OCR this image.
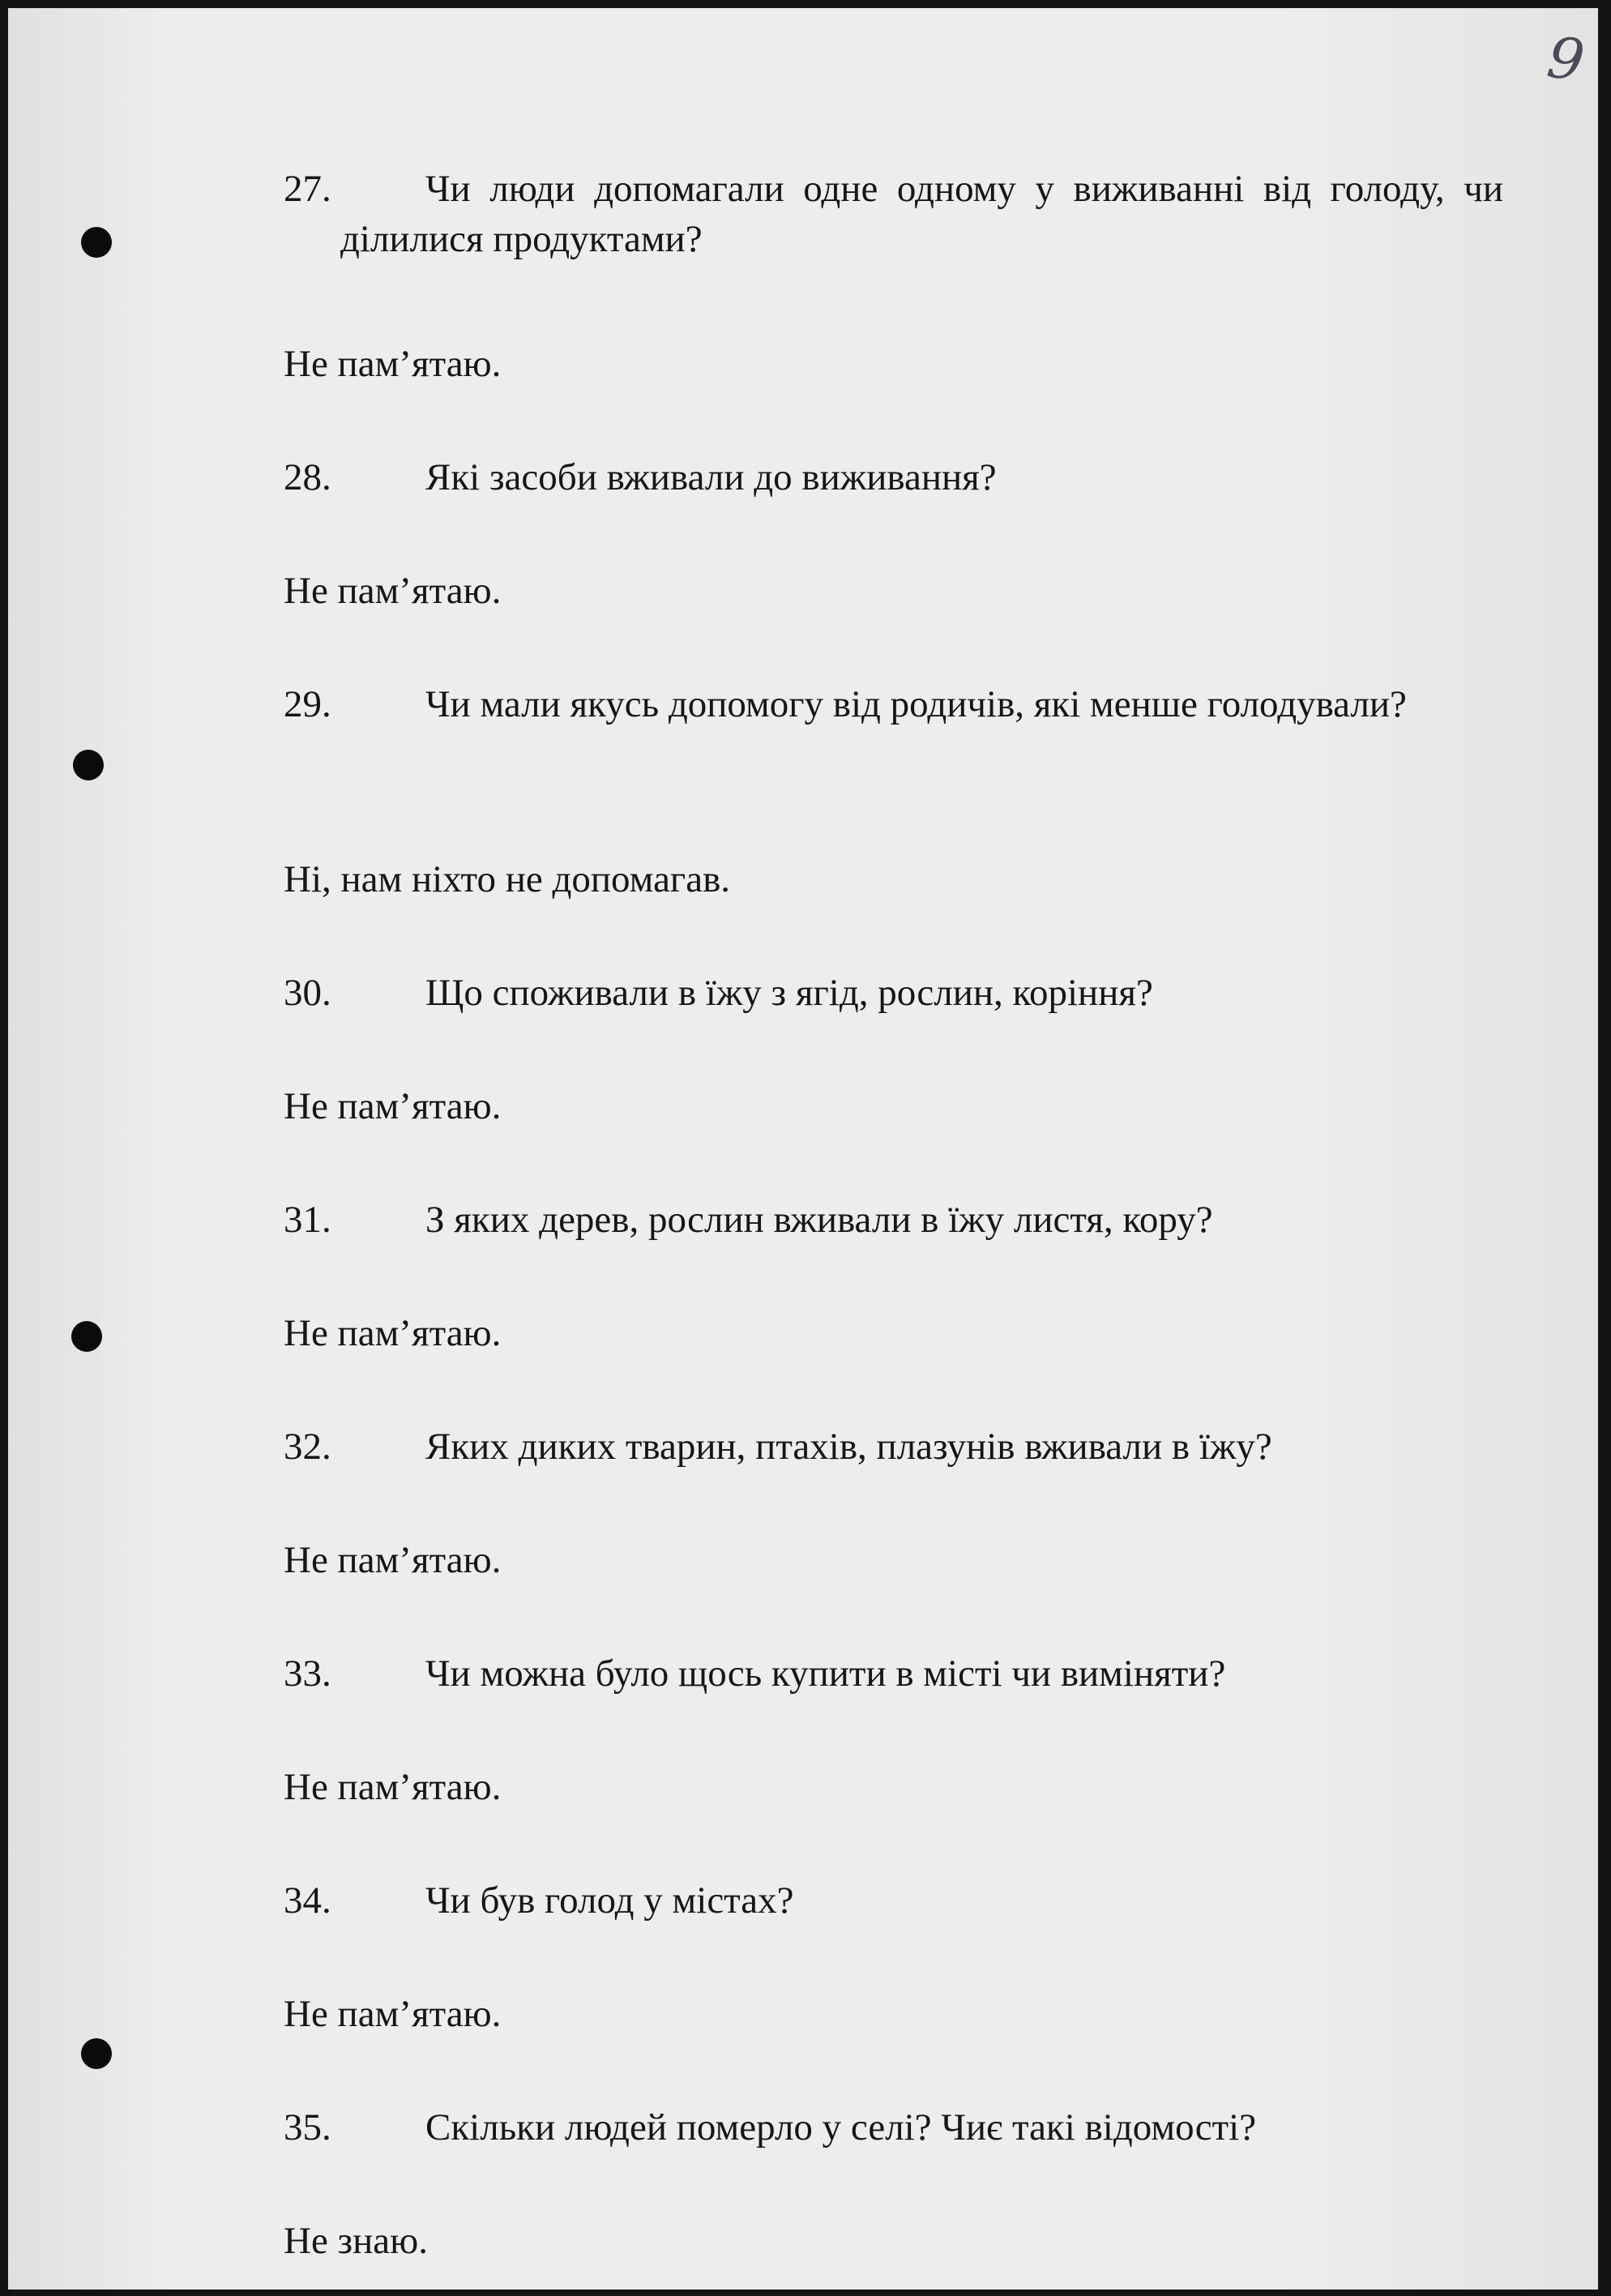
9
27.	Чи люди допомагали одне одному у виживанні від голоду, чи ділилися продуктами?
Не пам’ятаю.
28.	Які засоби вживали до виживання?
Не пам’ятаю.
29.	Чи мали якусь допомогу від родичів, які менше голодували?
Ні, нам ніхто не допомагав.
30.	Що споживали в їжу з ягід, рослин, коріння?
Не пам’ятаю.
31.	З яких дерев, рослин вживали в їжу листя, кору?
Не пам’ятаю.
32.	Яких диких тварин, птахів, плазунів вживали в їжу?
Не пам’ятаю.
33.	Чи можна було щось купити в місті чи виміняти?
Не пам’ятаю.
34.	Чи був голод у містах?
Не пам’ятаю.
35.	Скільки людей померло у селі? Чиє такі відомості?
Не знаю.
